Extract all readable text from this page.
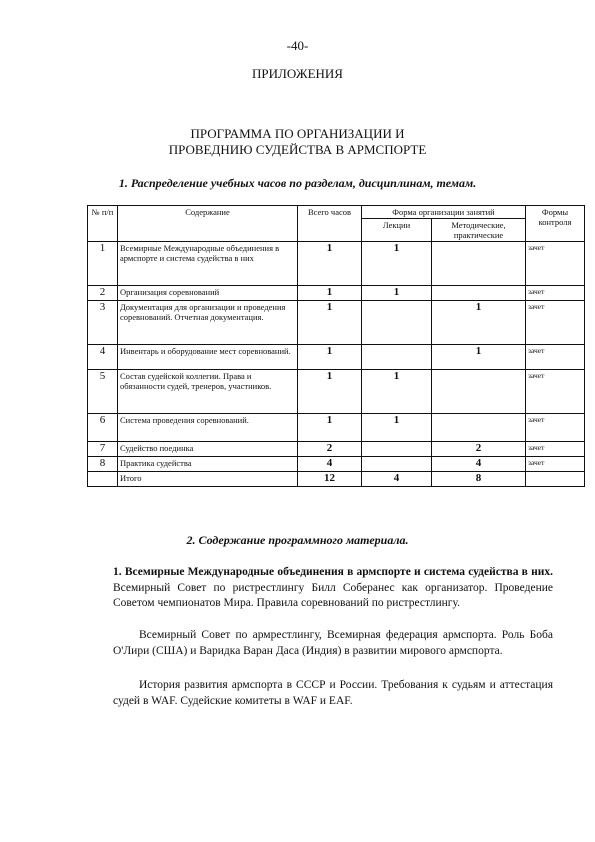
-40-
ПРИЛОЖЕНИЯ
ПРОГРАММА ПО ОРГАНИЗАЦИИ И
ПРОВЕДНИЮ СУДЕЙСТВА В АРМСПОРТЕ
1. Распределение учебных часов по разделам, дисциплинам, темам.
№ п/п	Содержание	Всего часов	Форма организации занятий		Формы контроля
			Лекции	Методические, практические	
1	Всемирные Международные объединения в армспорте и система судейства в них	1	1		зачет
2	Организация соревнований	1	1		зачет
3	Документация для организации и проведения соревнований. Отчетная документация.	1		1	зачет
4	Инвентарь и оборудование мест соревнований.	1		1	зачет
5	Состав судейской коллегии. Права и обязанности судей, тренеров, участников.	1	1		зачет
6	Система проведения соревнований.	1	1		зачет
7	Судейство поединка	2		2	зачет
8	Практика судейства	4		4	зачет
	Итого	12	4	8	
2. Содержание программного материала.
1. Всемирные Международные объединения в армспорте и система судейства в них. Всемирный Совет по ристрестлингу Билл Соберанес как организатор. Проведение Советом чемпионатов Мира. Правила соревнований по ристрестлингу.
Всемирный Совет по армрестлингу, Всемирная федерация армспорта. Роль Боба О'Лири (США) и Варидка Варан Даса (Индия) в развитии мирового армспорта.
История развития армспорта в СССР и России. Требования к судьям и аттестация судей в WAF. Судейские комитеты в WAF и EAF.
